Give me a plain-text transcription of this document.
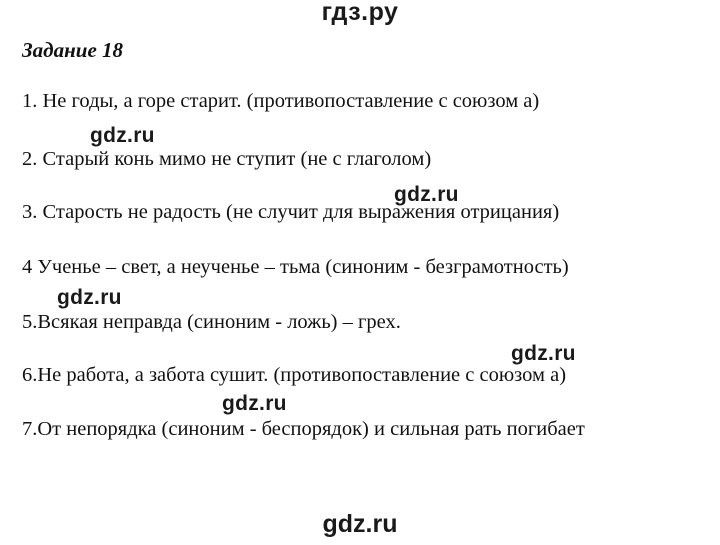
гдз.ру
Задание 18
1. Не годы, а горе старит. (противопоставление с союзом а)
gdz.ru
2. Старый конь мимо не ступит (не с глаголом)
gdz.ru
3. Старость не радость (не случит для выражения отрицания)
4 Ученье – свет, а неученье – тьма (синоним - безграмотность)
gdz.ru
5.Всякая неправда (синоним - ложь) – грех.
gdz.ru
6.Не работа, а забота сушит. (противопоставление с союзом а)
gdz.ru
7.От непорядка (синоним - беспорядок) и сильная рать погибает
gdz.ru
